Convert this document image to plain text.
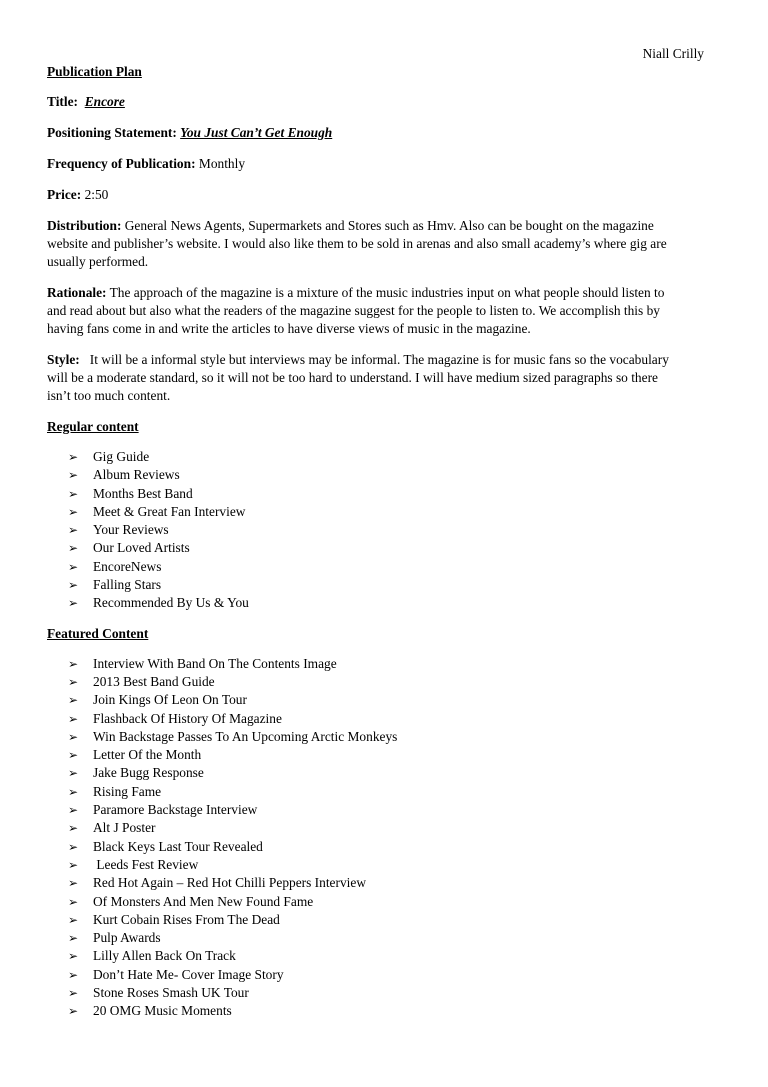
Niall Crilly
Publication Plan
Title: Encore
Positioning Statement: You Just Can’t Get Enough
Frequency of Publication: Monthly
Price: 2:50
Distribution: General News Agents, Supermarkets and Stores such as Hmv. Also can be bought on the magazine
website and publisher’s website. I would also like them to be sold in arenas and also small academy’s where gig are
usually performed.
Rationale: The approach of the magazine is a mixture of the music industries input on what people should listen to
and read about but also what the readers of the magazine suggest for the people to listen to. We accomplish this by
having fans come in and write the articles to have diverse views of music in the magazine.
Style: It will be a informal style but interviews may be informal. The magazine is for music fans so the vocabulary
will be a moderate standard, so it will not be too hard to understand. I will have medium sized paragraphs so there
isn’t too much content.
Regular content
➢ Gig Guide
➢ Album Reviews
➢ Months Best Band
➢ Meet & Great Fan Interview
➢ Your Reviews
➢ Our Loved Artists
➢ EncoreNews
➢ Falling Stars
➢ Recommended By Us & You
Featured Content
➢ Interview With Band On The Contents Image
➢ 2013 Best Band Guide
➢ Join Kings Of Leon On Tour
➢ Flashback Of History Of Magazine
➢ Win Backstage Passes To An Upcoming Arctic Monkeys
➢ Letter Of the Month
➢ Jake Bugg Response
➢ Rising Fame
➢ Paramore Backstage Interview
➢ Alt J Poster
➢ Black Keys Last Tour Revealed
➢ Leeds Fest Review
➢ Red Hot Again – Red Hot Chilli Peppers Interview
➢ Of Monsters And Men New Found Fame
➢ Kurt Cobain Rises From The Dead
➢ Pulp Awards
➢ Lilly Allen Back On Track
➢ Don’t Hate Me- Cover Image Story
➢ Stone Roses Smash UK Tour
➢ 20 OMG Music Moments
